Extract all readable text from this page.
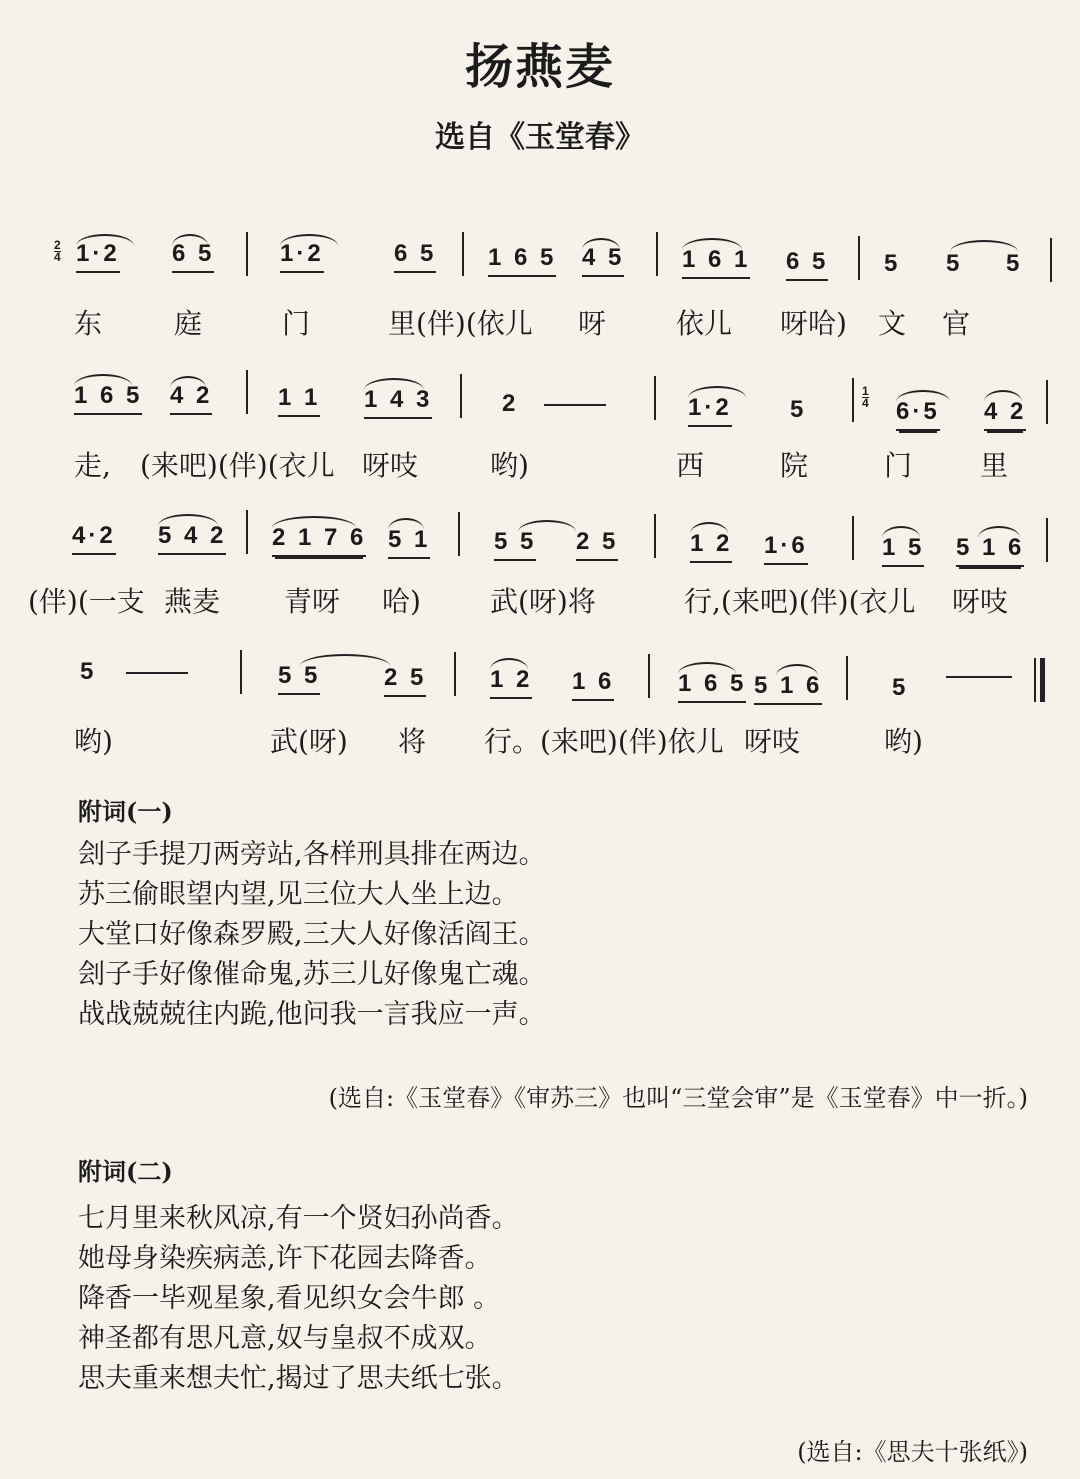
扬燕麦
选自《玉堂春》
2
4 1·2 6 5	1·2	6 5 1 6 5 4 5 1 6 1 6 5 5 5 5
东	庭	门	里(伴)(依儿 呀 依儿 呀哈) 文 官
1 6 5 4 2	1 1 1 4 3	2	1·2 5
1
4 6·5 4 2
走, (来吧)(伴)(衣儿 呀吱	哟)	西	院	门 里
4·2 5 4 2 2 1 7 6 5 1	5 5 2 5	1 2 1·6	1 5 5 1 6
(伴)(一支 燕麦 青呀 哈) 武(呀)将	行,(来吧)(伴)(衣儿 呀吱
5	5 5	2 5	1 2 1 6	1 6 5 5 1 6	5
哟)	武(呀) 将 行。(来吧)(伴)依儿 呀吱	哟)
附词(一)
刽子手提刀两旁站,各样刑具排在两边。
苏三偷眼望内望,见三位大人坐上边。
大堂口好像森罗殿,三大人好像活阎王。
刽子手好像催命鬼,苏三儿好像鬼亡魂。
战战兢兢往内跪,他问我一言我应一声。
(选自:《玉堂春》《审苏三》也叫“三堂会审”是《玉堂春》中一折。)
附词(二)
七月里来秋风凉,有一个贤妇孙尚香。
她母身染疾病恙,许下花园去降香。
降香一毕观星象,看见织女会牛郎 。
神圣都有思凡意,奴与皇叔不成双。
思夫重来想夫忙,揭过了思夫纸七张。
(选自:《思夫十张纸》)
